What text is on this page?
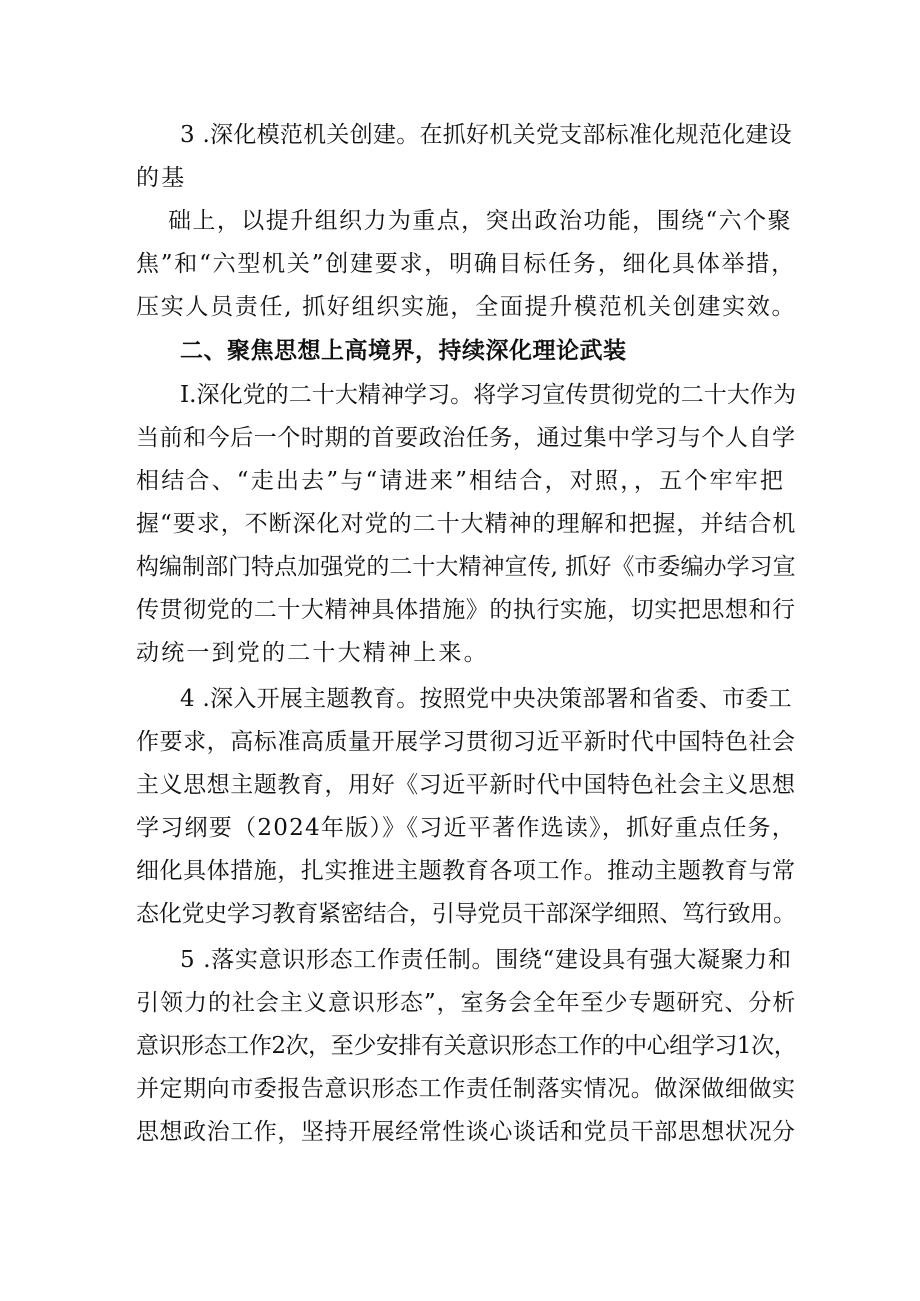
3 .深化模范机关创建。在抓好机关党支部标准化规范化建设
的基
础上，以提升组织力为重点，突出政治功能，围绕“六个聚
焦”和“六型机关”创建要求，明确目标任务，细化具体举措，
压实人员责任, 抓好组织实施，全面提升模范机关创建实效。
二、聚焦思想上高境界，持续深化理论武装
I.深化党的二十大精神学习。将学习宣传贯彻党的二十大作为
当前和今后一个时期的首要政治任务，通过集中学习与个人自学
相结合、“走出去”与“请进来”相结合，对照，，五个牢牢把
握“要求，不断深化对党的二十大精神的理解和把握，并结合机
构编制部门特点加强党的二十大精神宣传, 抓好《市委编办学习宣
传贯彻党的二十大精神具体措施》的执行实施，切实把思想和行
动统一到党的二十大精神上来。
4 .深入开展主题教育。按照党中央决策部署和省委、市委工
作要求，高标准高质量开展学习贯彻习近平新时代中国特色社会
主义思想主题教育，用好《习近平新时代中国特色社会主义思想
学习纲要（2024年版）》《习近平著作选读》，抓好重点任务，
细化具体措施，扎实推进主题教育各项工作。推动主题教育与常
态化党史学习教育紧密结合，引导党员干部深学细照、笃行致用。
5 .落实意识形态工作责任制。围绕“建设具有强大凝聚力和
引领力的社会主义意识形态”，室务会全年至少专题研究、分析
意识形态工作2次，至少安排有关意识形态工作的中心组学习1次，
并定期向市委报告意识形态工作责任制落实情况。做深做细做实
思想政治工作，坚持开展经常性谈心谈话和党员干部思想状况分
